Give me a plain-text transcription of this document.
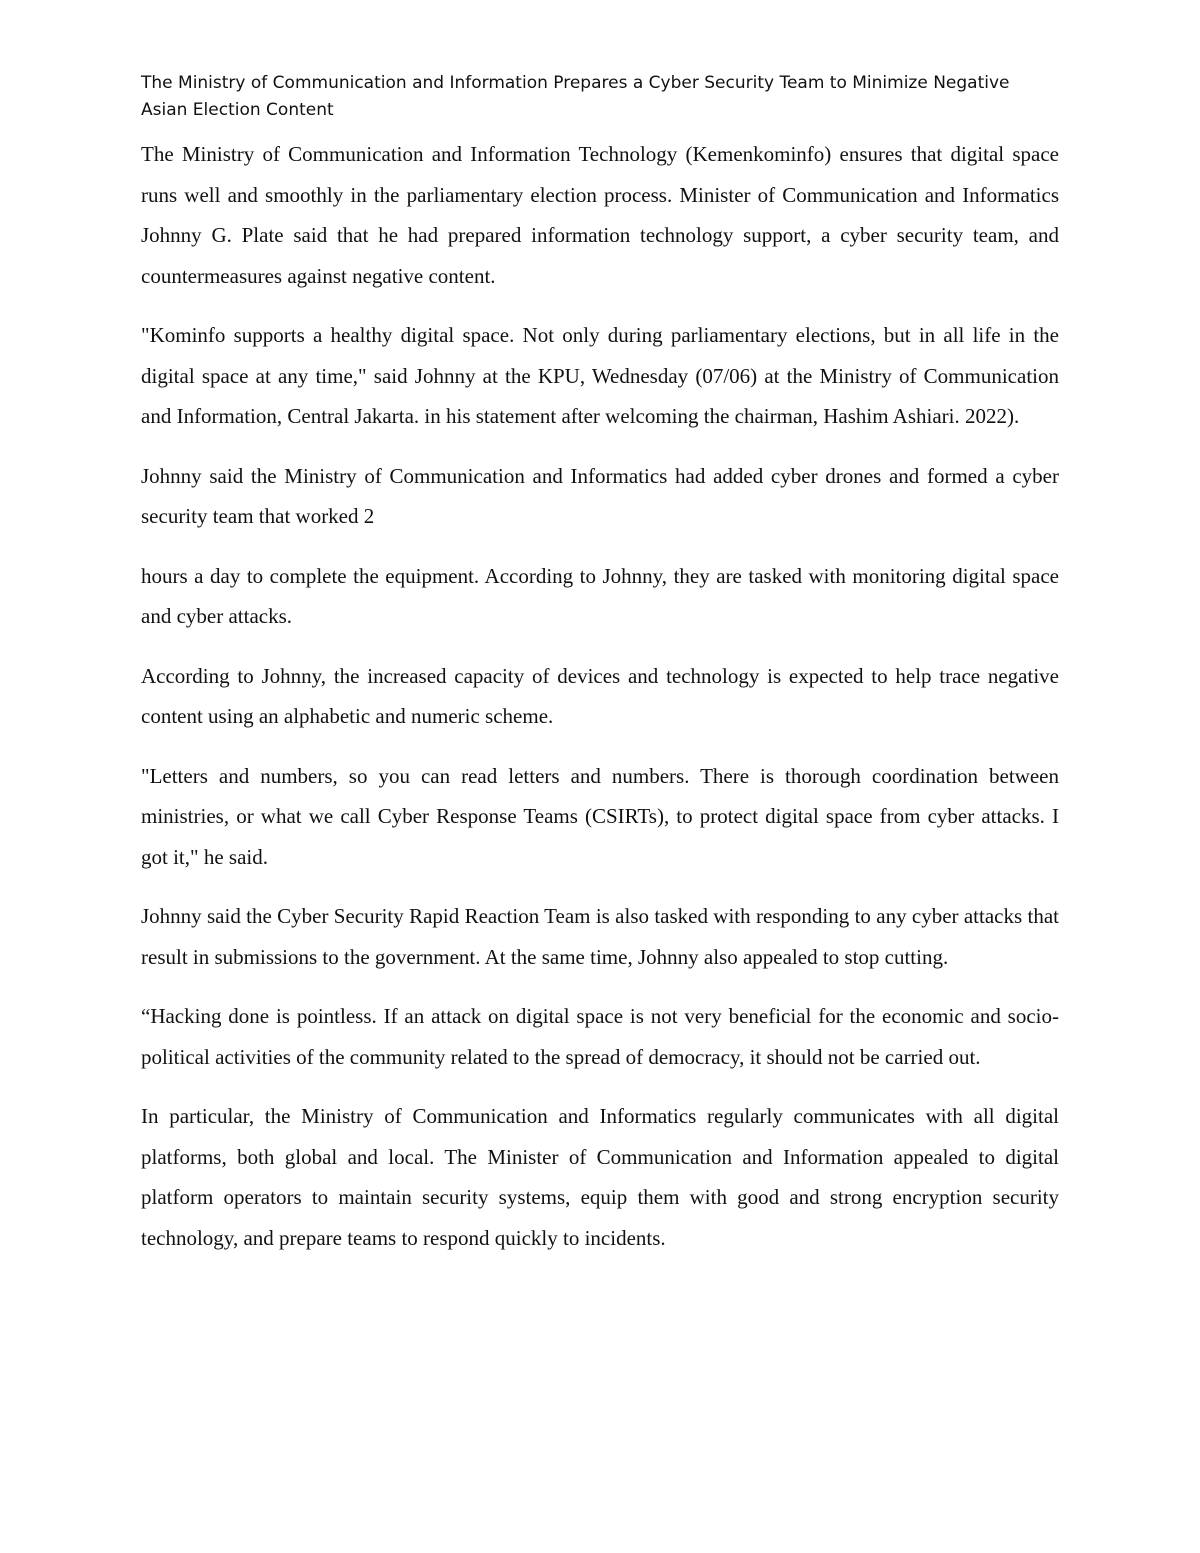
The Ministry of Communication and Information Prepares a Cyber Security Team to Minimize Negative Asian Election Content

The Ministry of Communication and Information Technology (Kemenkominfo) ensures that digital space runs well and smoothly in the parliamentary election process. Minister of Communication and Informatics Johnny G. Plate said that he had prepared information technology support, a cyber security team, and countermeasures against negative content.

"Kominfo supports a healthy digital space. Not only during parliamentary elections, but in all life in the digital space at any time," said Johnny at the KPU, Wednesday (07/06) at the Ministry of Communication and Information, Central Jakarta. in his statement after welcoming the chairman, Hashim Ashiari. 2022).

Johnny said the Ministry of Communication and Informatics had added cyber drones and formed a cyber security team that worked 2

hours a day to complete the equipment. According to Johnny, they are tasked with monitoring digital space and cyber attacks.

According to Johnny, the increased capacity of devices and technology is expected to help trace negative content using an alphabetic and numeric scheme.

"Letters and numbers, so you can read letters and numbers. There is thorough coordination between ministries, or what we call Cyber Response Teams (CSIRTs), to protect digital space from cyber attacks. I got it," he said.

Johnny said the Cyber Security Rapid Reaction Team is also tasked with responding to any cyber attacks that result in submissions to the government. At the same time, Johnny also appealed to stop cutting.

“Hacking done is pointless. If an attack on digital space is not very beneficial for the economic and socio-political activities of the community related to the spread of democracy, it should not be carried out.

In particular, the Ministry of Communication and Informatics regularly communicates with all digital platforms, both global and local. The Minister of Communication and Information appealed to digital platform operators to maintain security systems, equip them with good and strong encryption security technology, and prepare teams to respond quickly to incidents.
